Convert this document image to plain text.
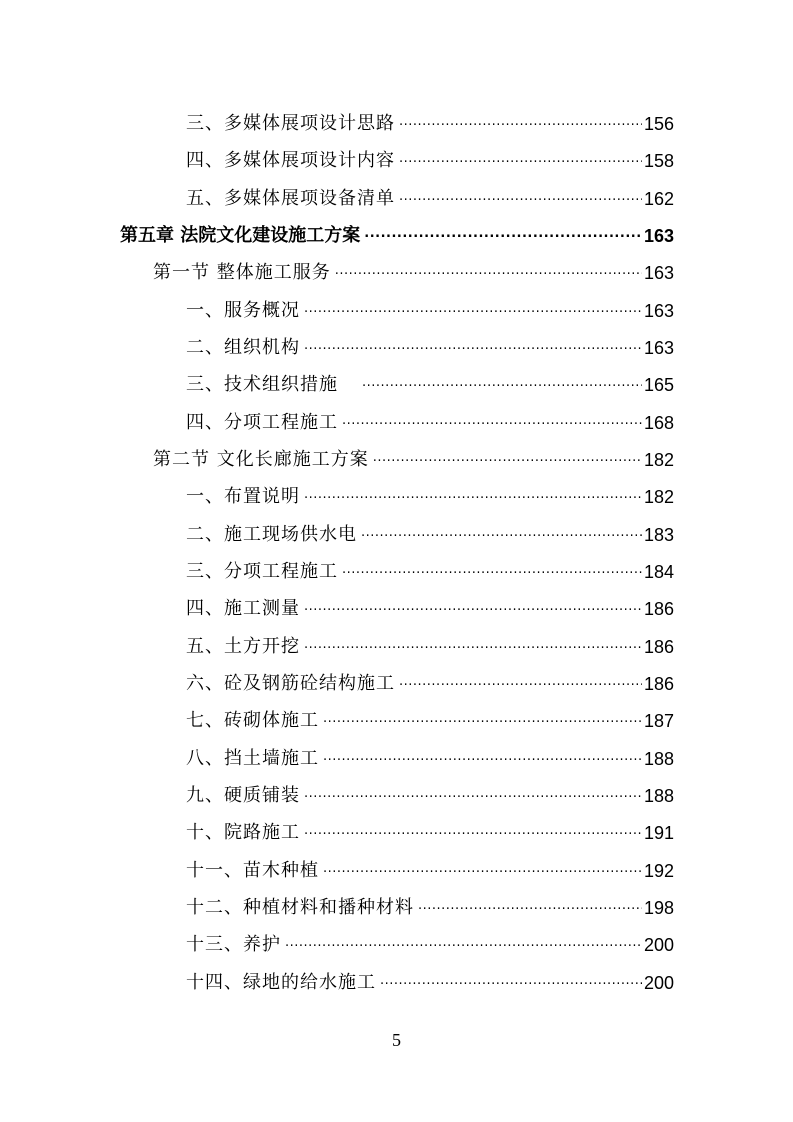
三、多媒体展项设计思路 .....	156
四、多媒体展项设计内容 .....	158
五、多媒体展项设备清单 .....	162
第五章 法院文化建设施工方案 .....	163
第一节 整体施工服务 .....	163
一、服务概况 .....	163
二、组织机构 .....	163
三、技术组织措施 .....	165
四、分项工程施工 .....	168
第二节 文化长廊施工方案 .....	182
一、布置说明 .....	182
二、施工现场供水电 .....	183
三、分项工程施工 .....	184
四、施工测量 .....	186
五、土方开挖 .....	186
六、砼及钢筋砼结构施工 .....	186
七、砖砌体施工 .....	187
八、挡土墙施工 .....	188
九、硬质铺装 .....	188
十、院路施工 .....	191
十一、苗木种植 .....	192
十二、种植材料和播种材料 .....	198
十三、养护 .....	200
十四、绿地的给水施工 .....	200
5
